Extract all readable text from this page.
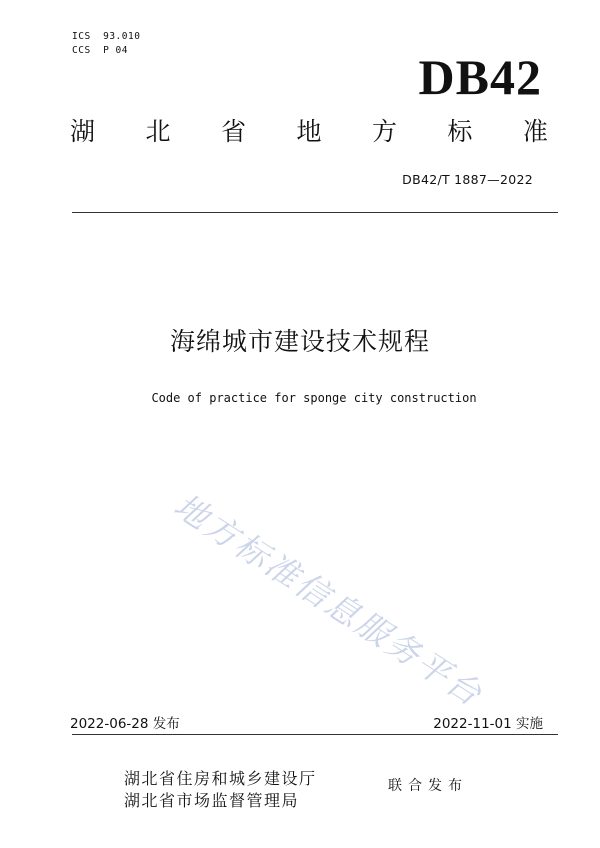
ICS  93.010
CCS  P 04	DB42
湖 北 省 地 方 标 准
DB42/T 1887—2022
海绵城市建设技术规程
Code of practice for sponge city construction
地方标准信息服务平台
2022-06-28 发布	2022-11-01 实施
湖北省住房和城乡建设厅
湖北省市场监督管理局
联合发布
